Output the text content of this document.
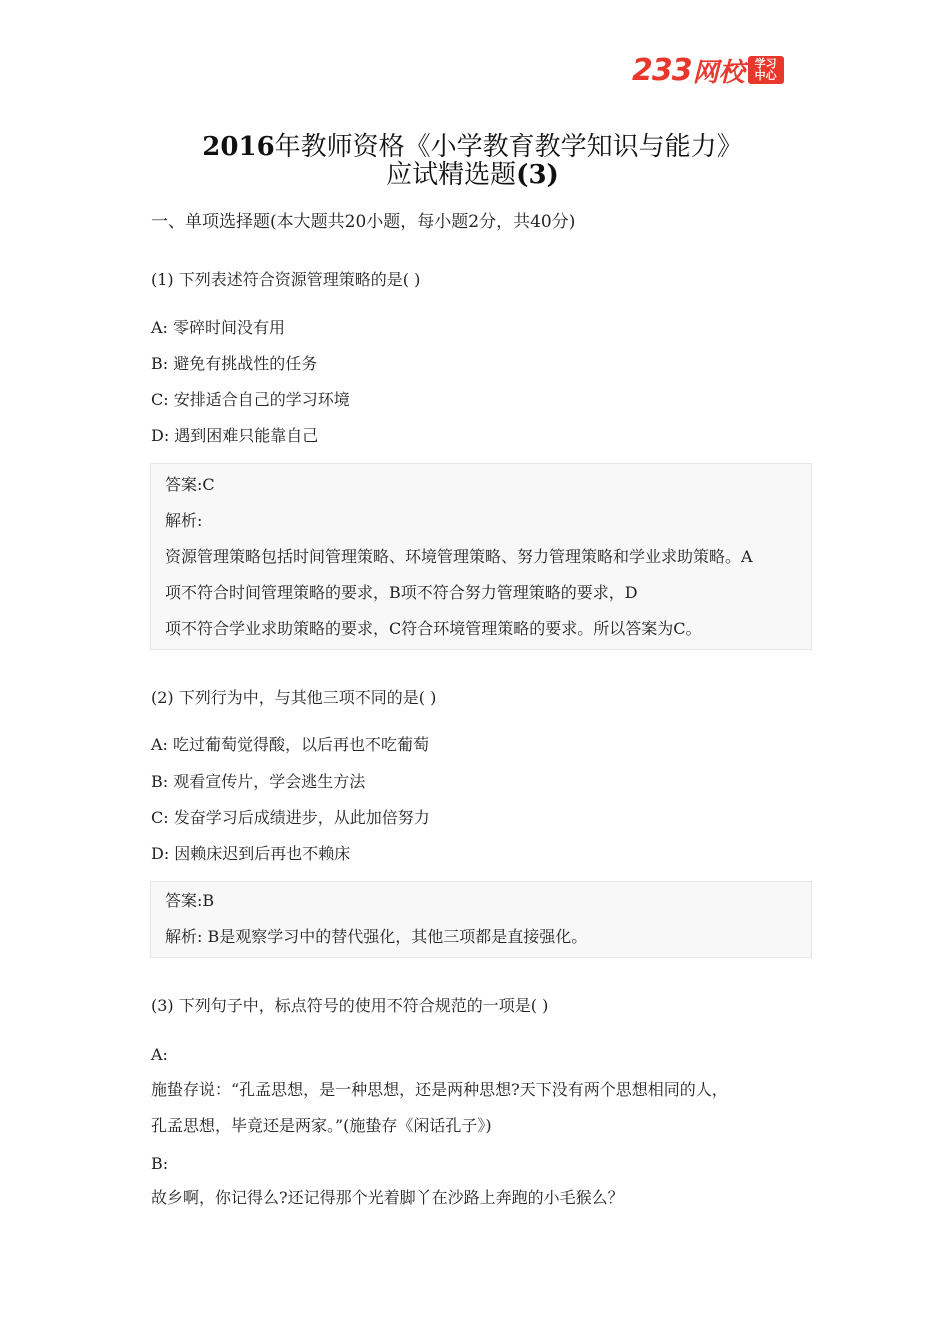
233 网校 学习
中心
2016年教师资格《小学教育教学知识与能力》
应试精选题(3)
一、单项选择题(本大题共20小题，每小题2分，共40分)
(1) 下列表述符合资源管理策略的是( )
A: 零碎时间没有用
B: 避免有挑战性的任务
C: 安排适合自己的学习环境
D: 遇到困难只能靠自己
答案:C
解析:
资源管理策略包括时间管理策略、环境管理策略、努力管理策略和学业求助策略。A
项不符合时间管理策略的要求，B项不符合努力管理策略的要求，D
项不符合学业求助策略的要求，C符合环境管理策略的要求。所以答案为C。
(2) 下列行为中，与其他三项不同的是( )
A: 吃过葡萄觉得酸，以后再也不吃葡萄
B: 观看宣传片，学会逃生方法
C: 发奋学习后成绩进步，从此加倍努力
D: 因赖床迟到后再也不赖床
答案:B
解析: B是观察学习中的替代强化，其他三项都是直接强化。
(3) 下列句子中，标点符号的使用不符合规范的一项是( )
A:
施蛰存说：“孔孟思想，是一种思想，还是两种思想?天下没有两个思想相同的人，
孔孟思想，毕竟还是两家。”(施蛰存《闲话孔子》)
B:
故乡啊，你记得么?还记得那个光着脚丫在沙路上奔跑的小毛猴么？
